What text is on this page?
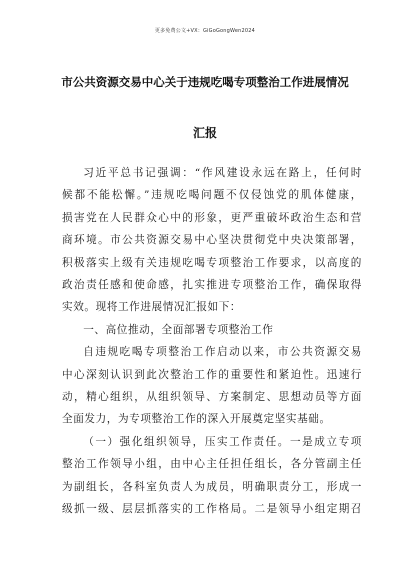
更多免费公文+VX：GiGoGongWen2024
市公共资源交易中心关于违规吃喝专项整治工作进展情况
汇报
习近平总书记强调：“作风建设永远在路上，任何时
候都不能松懈。”违规吃喝问题不仅侵蚀党的肌体健康，
损害党在人民群众心中的形象，更严重破坏政治生态和营
商环境。市公共资源交易中心坚决贯彻党中央决策部署，
积极落实上级有关违规吃喝专项整治工作要求，以高度的
政治责任感和使命感，扎实推进专项整治工作，确保取得
实效。现将工作进展情况汇报如下：
一、高位推动，全面部署专项整治工作
自违规吃喝专项整治工作启动以来，市公共资源交易
中心深刻认识到此次整治工作的重要性和紧迫性。迅速行
动，精心组织，从组织领导、方案制定、思想动员等方面
全面发力，为专项整治工作的深入开展奠定坚实基础。
（一）强化组织领导，压实工作责任。一是成立专项
整治工作领导小组，由中心主任担任组长，各分管副主任
为副组长，各科室负责人为成员，明确职责分工，形成一
级抓一级、层层抓落实的工作格局。二是领导小组定期召
